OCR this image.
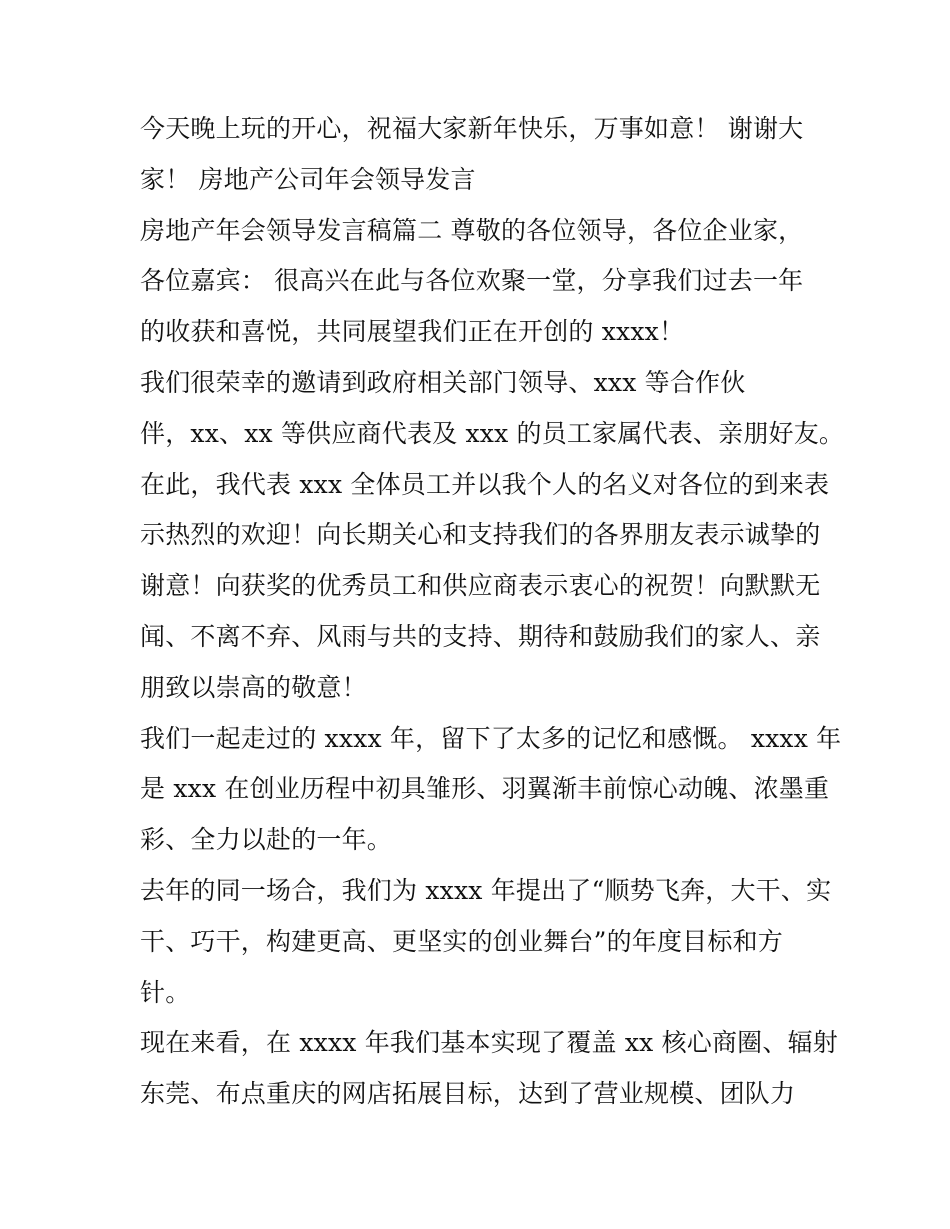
今天晚上玩的开心，祝福大家新年快乐，万事如意！ 谢谢大
家！ 房地产公司年会领导发言
房地产年会领导发言稿篇二 尊敬的各位领导，各位企业家，
各位嘉宾： 很高兴在此与各位欢聚一堂，分享我们过去一年
的收获和喜悦，共同展望我们正在开创的 xxxx！
我们很荣幸的邀请到政府相关部门领导、xxx 等合作伙
伴，xx、xx 等供应商代表及 xxx 的员工家属代表、亲朋好友。
在此，我代表 xxx 全体员工并以我个人的名义对各位的到来表
示热烈的欢迎！向长期关心和支持我们的各界朋友表示诚挚的
谢意！向获奖的优秀员工和供应商表示衷心的祝贺！向默默无
闻、不离不弃、风雨与共的支持、期待和鼓励我们的家人、亲
朋致以崇高的敬意！
我们一起走过的 xxxx 年，留下了太多的记忆和感慨。 xxxx 年
是 xxx 在创业历程中初具雏形、羽翼渐丰前惊心动魄、浓墨重
彩、全力以赴的一年。
去年的同一场合，我们为 xxxx 年提出了“顺势飞奔，大干、实
干、巧干，构建更高、更坚实的创业舞台”的年度目标和方
针。
现在来看，在 xxxx 年我们基本实现了覆盖 xx 核心商圈、辐射
东莞、布点重庆的网店拓展目标，达到了营业规模、团队力
